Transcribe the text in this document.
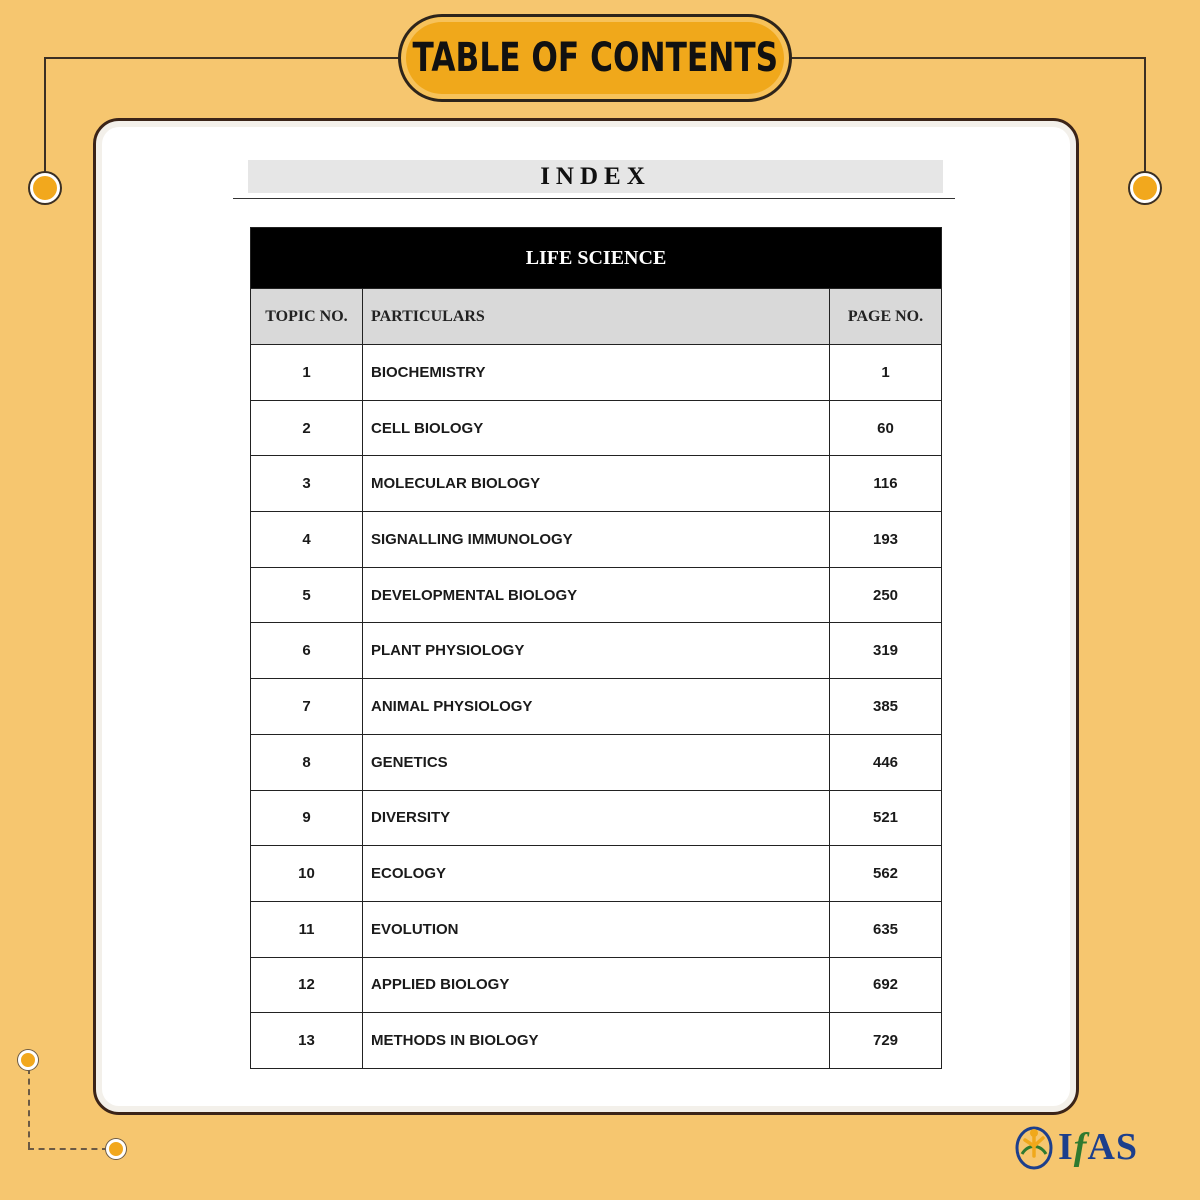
TABLE OF CONTENTS
INDEX
LIFE SCIENCE		
TOPIC NO.	PARTICULARS	PAGE NO.
1	BIOCHEMISTRY	1
2	CELL BIOLOGY	60
3	MOLECULAR BIOLOGY	116
4	SIGNALLING IMMUNOLOGY	193
5	DEVELOPMENTAL BIOLOGY	250
6	PLANT PHYSIOLOGY	319
7	ANIMAL PHYSIOLOGY	385
8	GENETICS	446
9	DIVERSITY	521
10	ECOLOGY	562
11	EVOLUTION	635
12	APPLIED BIOLOGY	692
13	METHODS IN BIOLOGY	729
IfAS
